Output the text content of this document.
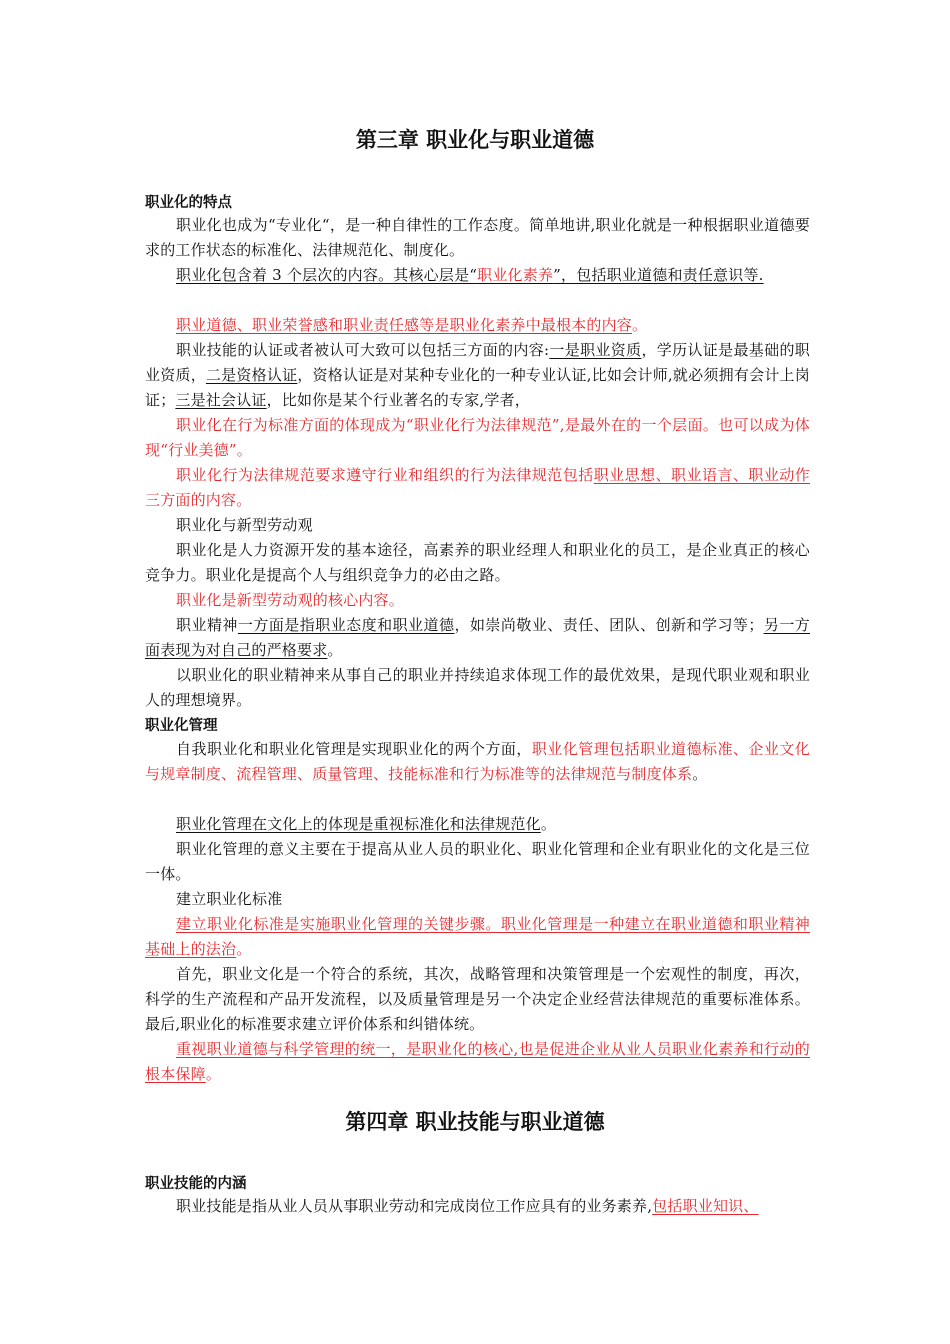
第三章 职业化与职业道德
职业化的特点

职业化也成为“专业化“，是一种自律性的工作态度。简单地讲,职业化就是一种根据职业道德要求的工作状态的标准化、法律规范化、制度化。

职业化包含着 3 个层次的内容。其核心层是“职业化素养”，包括职业道德和责任意识等.

职业道德、职业荣誉感和职业责任感等是职业化素养中最根本的内容。

职业技能的认证或者被认可大致可以包括三方面的内容:一是职业资质，学历认证是最基础的职业资质，二是资格认证，资格认证是对某种专业化的一种专业认证,比如会计师,就必须拥有会计上岗证；三是社会认证，比如你是某个行业著名的专家,学者，

职业化在行为标准方面的体现成为“职业化行为法律规范”,是最外在的一个层面。也可以成为体现“行业美德”。

职业化行为法律规范要求遵守行业和组织的行为法律规范包括职业思想、职业语言、职业动作三方面的内容。

职业化与新型劳动观

职业化是人力资源开发的基本途径，高素养的职业经理人和职业化的员工，是企业真正的核心竞争力。职业化是提高个人与组织竞争力的必由之路。

职业化是新型劳动观的核心内容。

职业精神一方面是指职业态度和职业道德，如崇尚敬业、责任、团队、创新和学习等；另一方面表现为对自己的严格要求。

以职业化的职业精神来从事自己的职业并持续追求体现工作的最优效果，是现代职业观和职业人的理想境界。

职业化管理

自我职业化和职业化管理是实现职业化的两个方面，职业化管理包括职业道德标准、企业文化与规章制度、流程管理、质量管理、技能标准和行为标准等的法律规范与制度体系。

职业化管理在文化上的体现是重视标准化和法律规范化。

职业化管理的意义主要在于提高从业人员的职业化、职业化管理和企业有职业化的文化是三位一体。

建立职业化标准

建立职业化标准是实施职业化管理的关键步骤。职业化管理是一种建立在职业道德和职业精神基础上的法治。

首先，职业文化是一个符合的系统，其次，战略管理和决策管理是一个宏观性的制度，再次，科学的生产流程和产品开发流程，以及质量管理是另一个决定企业经营法律规范的重要标准体系。最后,职业化的标准要求建立评价体系和纠错体统。

重视职业道德与科学管理的统一，是职业化的核心,也是促进企业从业人员职业化素养和行动的根本保障。

第四章 职业技能与职业道德
职业技能的内涵

职业技能是指从业人员从事职业劳动和完成岗位工作应具有的业务素养,包括职业知识、
